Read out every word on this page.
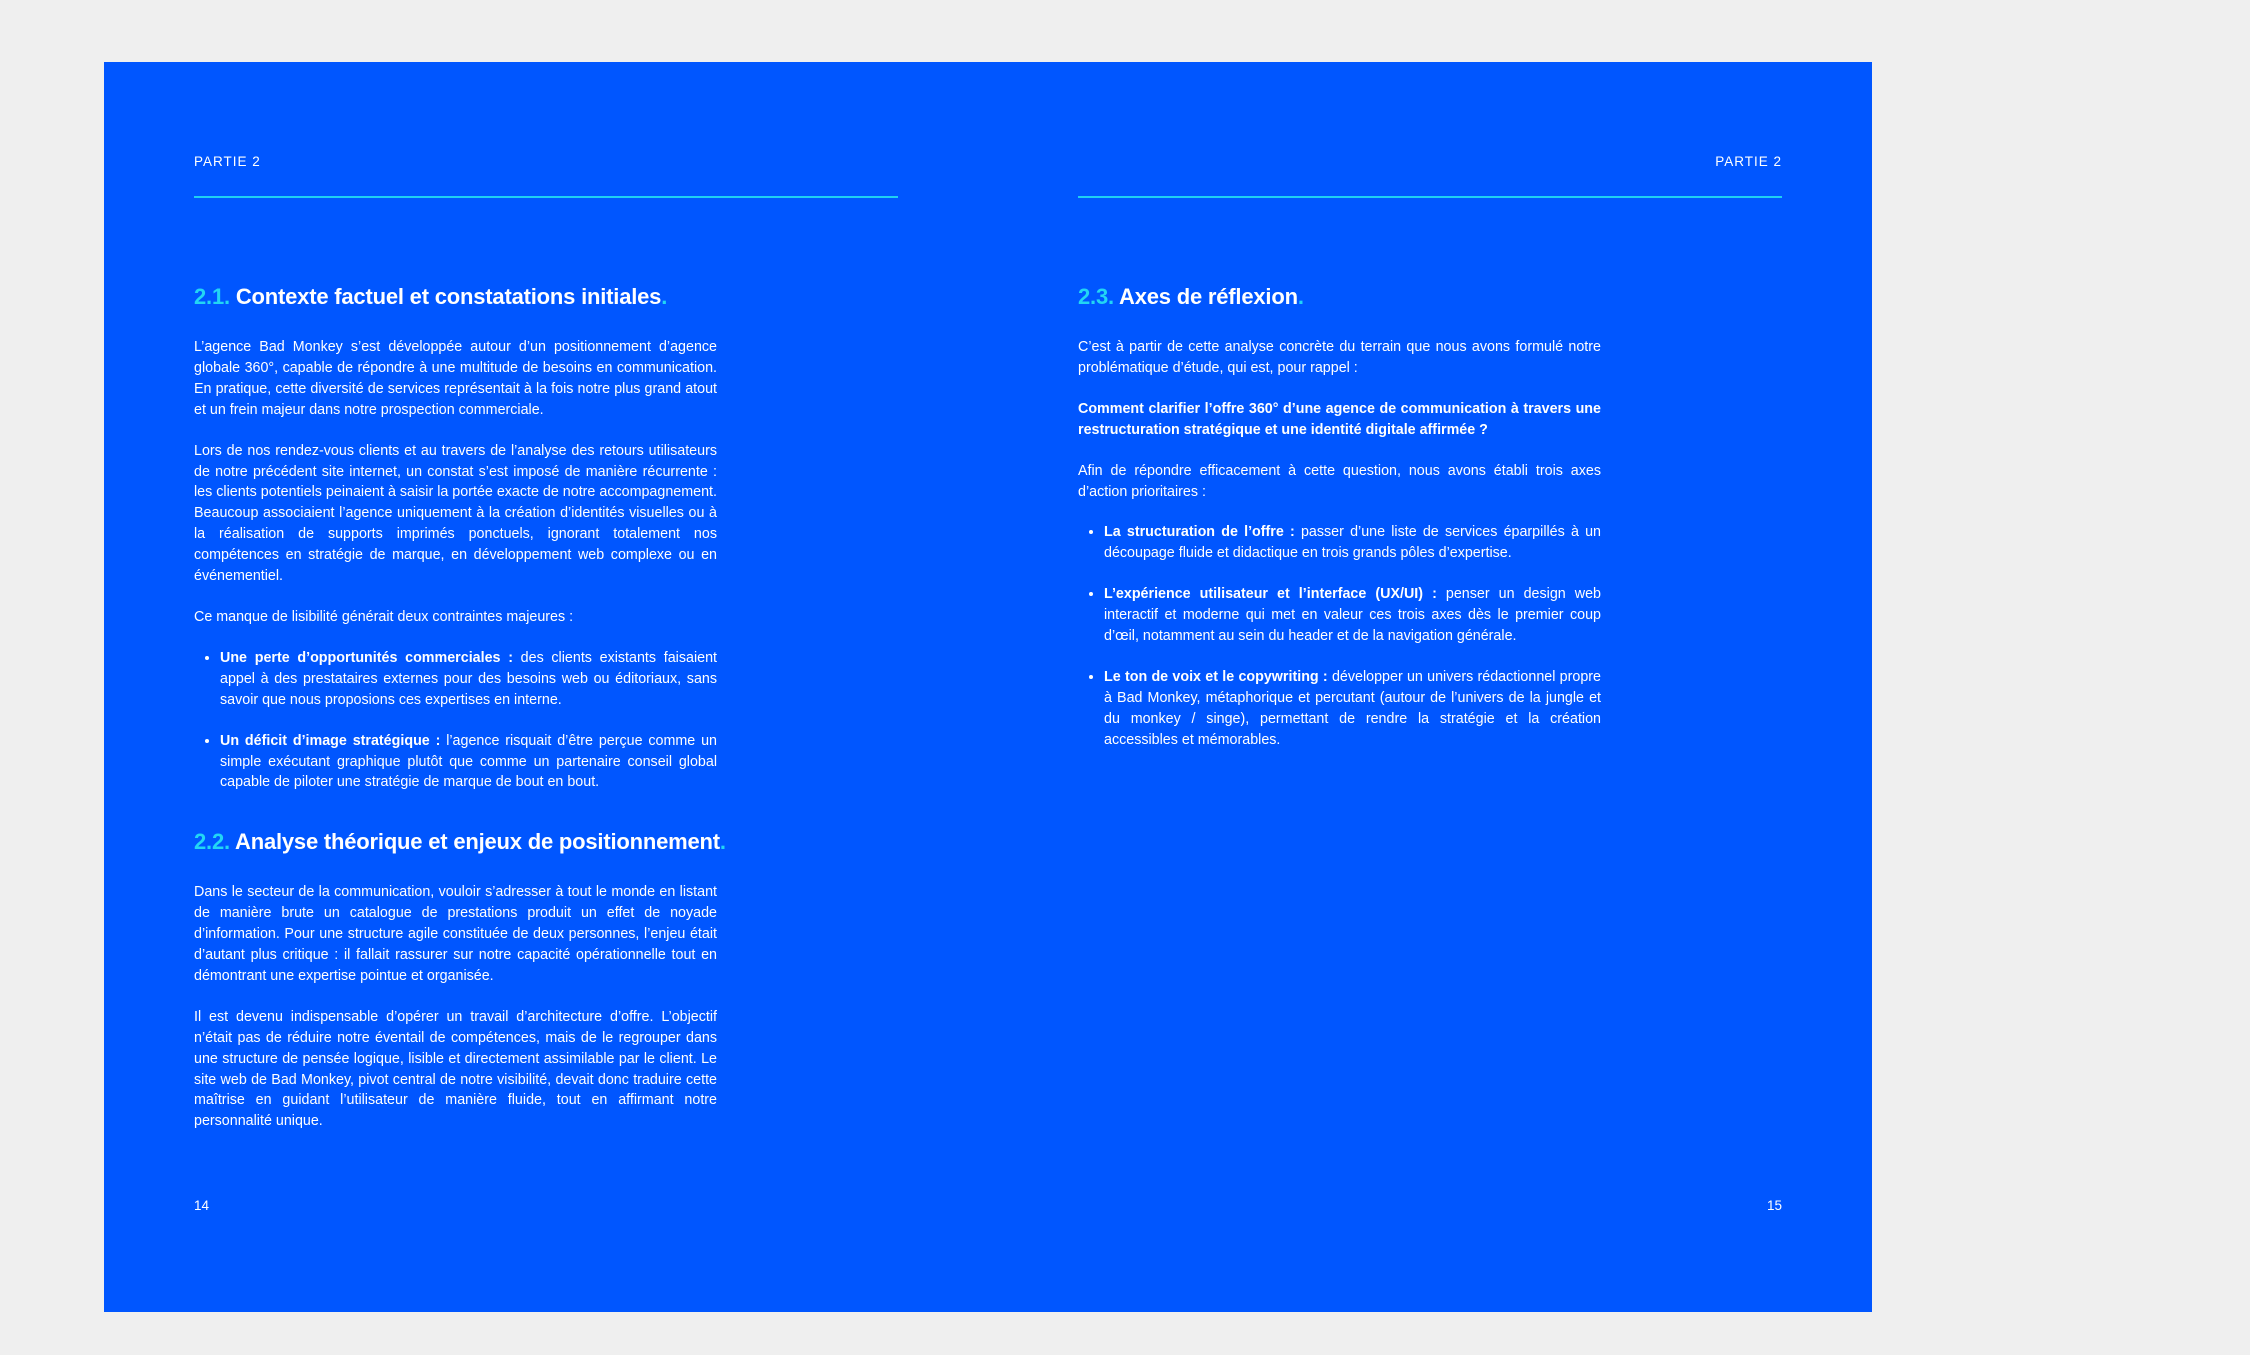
PARTIE 2
2.1. Contexte factuel et constatations initiales.

L’agence Bad Monkey s’est développée autour d’un positionnement d’agence globale 360°, capable de répondre à une multitude de besoins en communication. En pratique, cette diversité de services représentait à la fois notre plus grand atout et un frein majeur dans notre prospection commerciale.

Lors de nos rendez-vous clients et au travers de l’analyse des retours utilisateurs de notre précédent site internet, un constat s’est imposé de manière récurrente : les clients potentiels peinaient à saisir la portée exacte de notre accompagnement. Beaucoup associaient l’agence uniquement à la création d’identités visuelles ou à la réalisation de supports imprimés ponctuels, ignorant totalement nos compétences en stratégie de marque, en développement web complexe ou en événementiel.

Ce manque de lisibilité générait deux contraintes majeures :

• Une perte d’opportunités commerciales : des clients existants faisaient appel à des prestataires externes pour des besoins web ou éditoriaux, sans savoir que nous proposions ces expertises en interne.
• Un déficit d’image stratégique : l’agence risquait d’être perçue comme un simple exécutant graphique plutôt que comme un partenaire conseil global capable de piloter une stratégie de marque de bout en bout.
2.2. Analyse théorique et enjeux de positionnement.

Dans le secteur de la communication, vouloir s’adresser à tout le monde en listant de manière brute un catalogue de prestations produit un effet de noyade d’information. Pour une structure agile constituée de deux personnes, l’enjeu était d’autant plus critique : il fallait rassurer sur notre capacité opérationnelle tout en démontrant une expertise pointue et organisée.

Il est devenu indispensable d’opérer un travail d’architecture d’offre. L’objectif n’était pas de réduire notre éventail de compétences, mais de le regrouper dans une structure de pensée logique, lisible et directement assimilable par le client. Le site web de Bad Monkey, pivot central de notre visibilité, devait donc traduire cette maîtrise en guidant l’utilisateur de manière fluide, tout en affirmant notre personnalité unique.

14
PARTIE 2
2.3. Axes de réflexion.

C’est à partir de cette analyse concrète du terrain que nous avons formulé notre problématique d’étude, qui est, pour rappel :

Comment clarifier l’offre 360° d’une agence de communication à travers une restructuration stratégique et une identité digitale affirmée ?

Afin de répondre efficacement à cette question, nous avons établi trois axes d’action prioritaires :

• La structuration de l’offre : passer d’une liste de services éparpillés à un découpage fluide et didactique en trois grands pôles d’expertise.
• L’expérience utilisateur et l’interface (UX/UI) : penser un design web interactif et moderne qui met en valeur ces trois axes dès le premier coup d’œil, notamment au sein du header et de la navigation générale.
• Le ton de voix et le copywriting : développer un univers rédactionnel propre à Bad Monkey, métaphorique et percutant (autour de l’univers de la jungle et du monkey / singe), permettant de rendre la stratégie et la création accessibles et mémorables.
15
